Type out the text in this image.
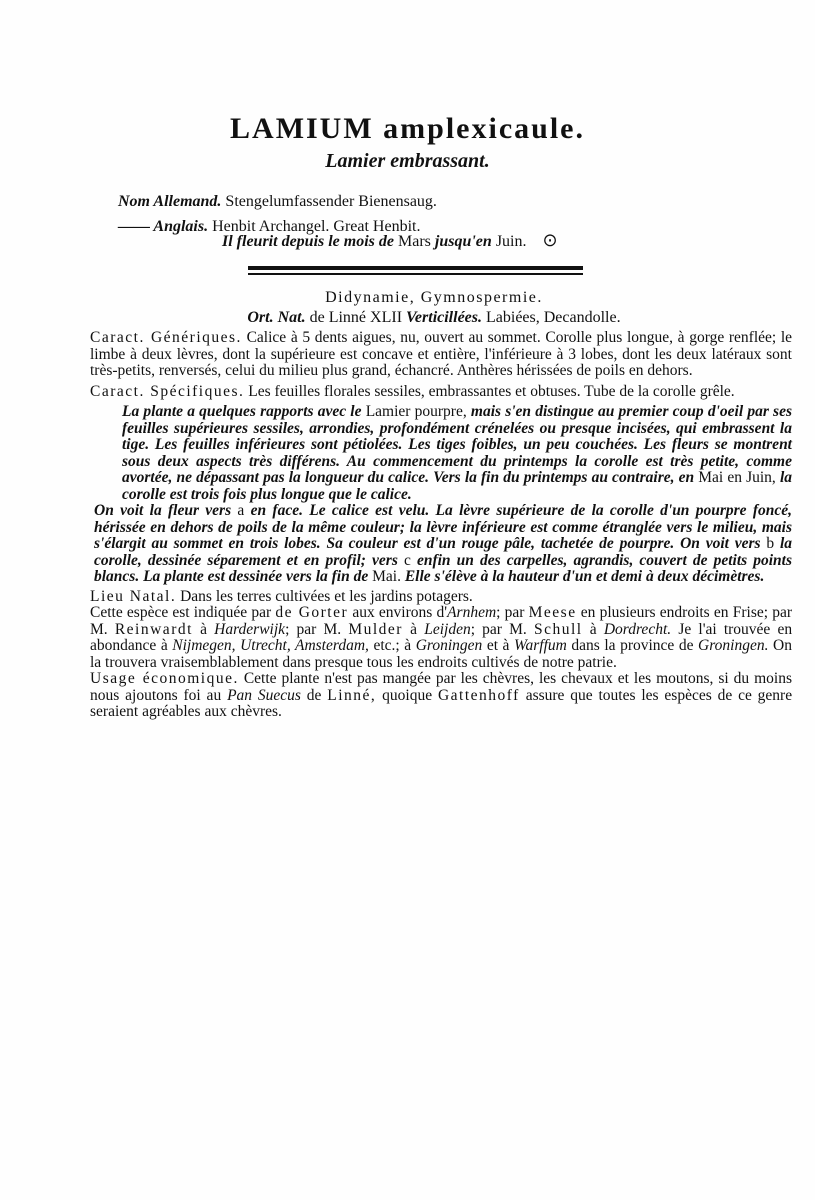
LAMIUM amplexicaule.
Lamier embrassant.
Nom Allemand. Stengelumfassender Bienensaug.
—— Anglais. Henbit Archangel. Great Henbit.
Il fleurit depuis le mois de Mars jusqu'en Juin. ⊙

Didynamie, Gymnospermie.

Ort. Nat. de Linné XLII Verticillées. Labiées, Decandolle.

Caract. Génériques. Calice à 5 dents aigues, nu, ouvert au sommet. Corolle plus longue, à gorge renflée; le limbe à deux lèvres, dont la supérieure est concave et entière, l'inférieure à 3 lobes, dont les deux latéraux sont très-petits, renversés, celui du milieu plus grand, échancré. Anthères hérissées de poils en dehors.

Caract. Spécifiques. Les feuilles florales sessiles, embrassantes et obtuses. Tube de la corolle grêle.

La plante a quelques rapports avec le Lamier pourpre, mais s'en distingue au premier coup d'oeil par ses feuilles supérieures sessiles, arrondies, profondément crénelées ou presque incisées, qui embrassent la tige. Les feuilles inférieures sont pétiolées. Les tiges foibles, un peu couchées. Les fleurs se montrent sous deux aspects très différens. Au commencement du printemps la corolle est très petite, comme avortée, ne dépassant pas la longueur du calice. Vers la fin du printemps au contraire, en Mai en Juin, la corolle est trois fois plus longue que le calice.

On voit la fleur vers a en face. Le calice est velu. La lèvre supérieure de la corolle d'un pourpre foncé, hérissée en dehors de poils de la même couleur; la lèvre inférieure est comme étranglée vers le milieu, mais s'élargit au sommet en trois lobes. Sa couleur est d'un rouge pâle, tachetée de pourpre. On voit vers b la corolle, dessinée séparement et en profil; vers c enfin un des carpelles, agrandis, couvert de petits points blancs. La plante est dessinée vers la fin de Mai. Elle s'élève à la hauteur d'un et demi à deux décimètres.

Lieu Natal. Dans les terres cultivées et les jardins potagers.

Cette espèce est indiquée par de Gorter aux environs d'Arnhem; par Meese en plusieurs endroits en Frise; par M. Reinwardt à Harderwijk; par M. Mulder à Leijden; par M. Schull à Dordrecht. Je l'ai trouvée en abondance à Nijmegen, Utrecht, Amsterdam, etc.; à Groningen et à Warffum dans la province de Groningen. On la trouvera vraisemblablement dans presque tous les endroits cultivés de notre patrie.

Usage économique. Cette plante n'est pas mangée par les chèvres, les chevaux et les moutons, si du moins nous ajoutons foi au Pan Suecus de Linné, quoique Gattenhoff assure que toutes les espèces de ce genre seraient agréables aux chèvres.
